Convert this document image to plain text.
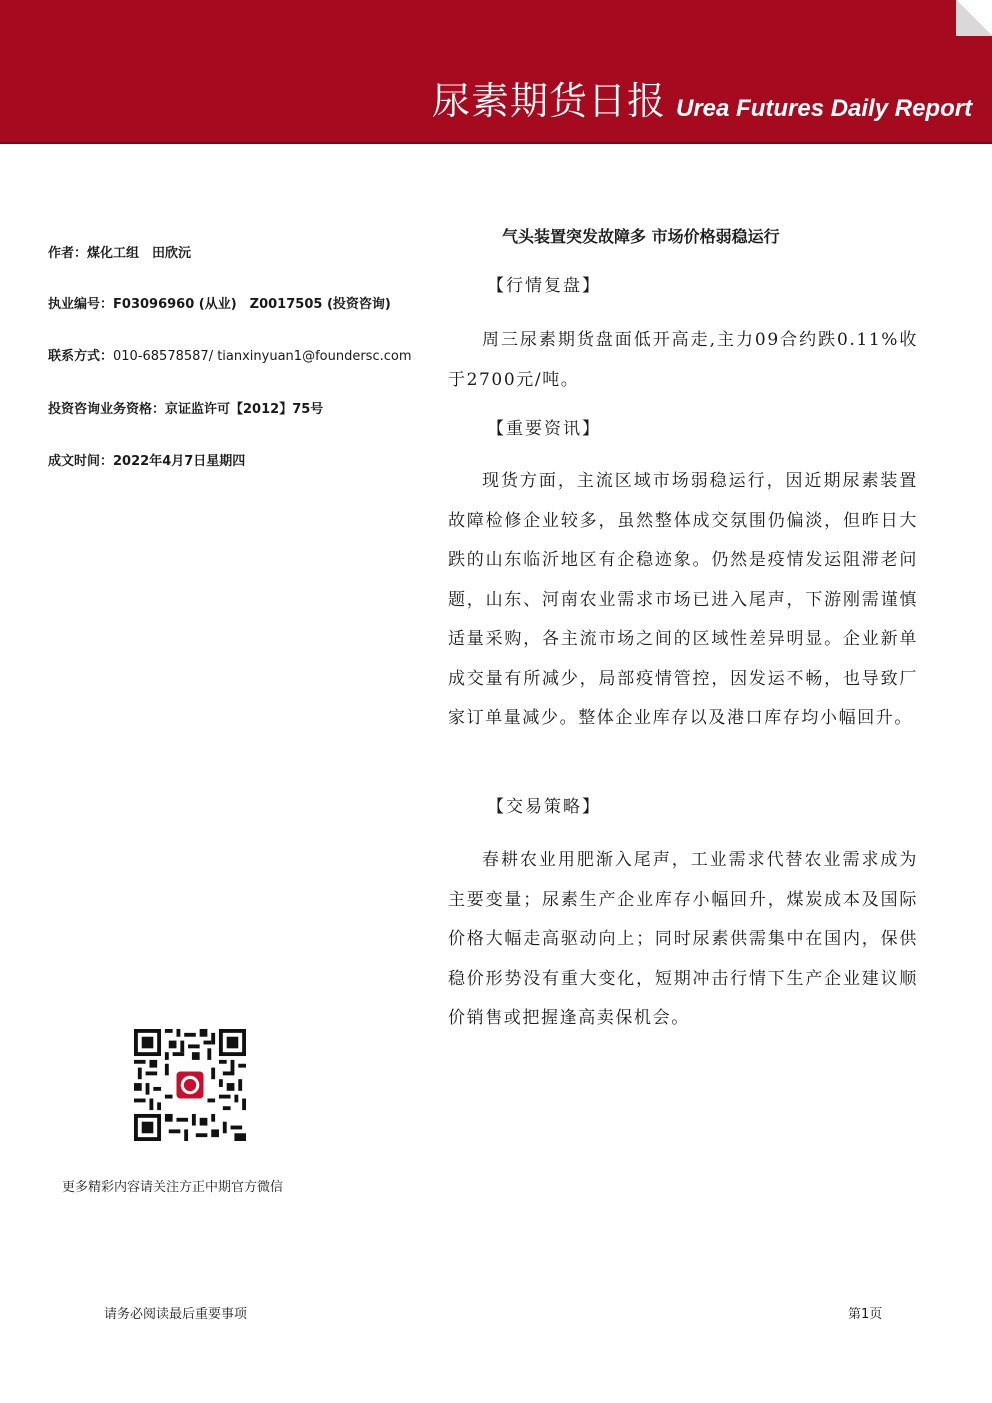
尿素期货日报 Urea Futures Daily Report
作者：煤化工组　田欣沅
执业编号：F03096960 (从业)　Z0017505 (投资咨询)
联系方式：010-68578587/ tianxinyuan1@foundersc.com
投资咨询业务资格：京证监许可【2012】75号
成文时间：2022年4月7日星期四
气头装置突发故障多 市场价格弱稳运行
【行情复盘】
周三尿素期货盘面低开高走,主力09合约跌0.11%收于2700元/吨。
【重要资讯】
现货方面，主流区域市场弱稳运行，因近期尿素装置故障检修企业较多，虽然整体成交氛围仍偏淡，但昨日大跌的山东临沂地区有企稳迹象。仍然是疫情发运阻滞老问题，山东、河南农业需求市场已进入尾声，下游刚需谨慎适量采购，各主流市场之间的区域性差异明显。企业新单成交量有所减少，局部疫情管控，因发运不畅，也导致厂家订单量减少。整体企业库存以及港口库存均小幅回升。
【交易策略】
春耕农业用肥渐入尾声，工业需求代替农业需求成为主要变量；尿素生产企业库存小幅回升，煤炭成本及国际价格大幅走高驱动向上；同时尿素供需集中在国内，保供稳价形势没有重大变化，短期冲击行情下生产企业建议顺价销售或把握逢高卖保机会。
更多精彩内容请关注方正中期官方微信
请务必阅读最后重要事项	第1页
